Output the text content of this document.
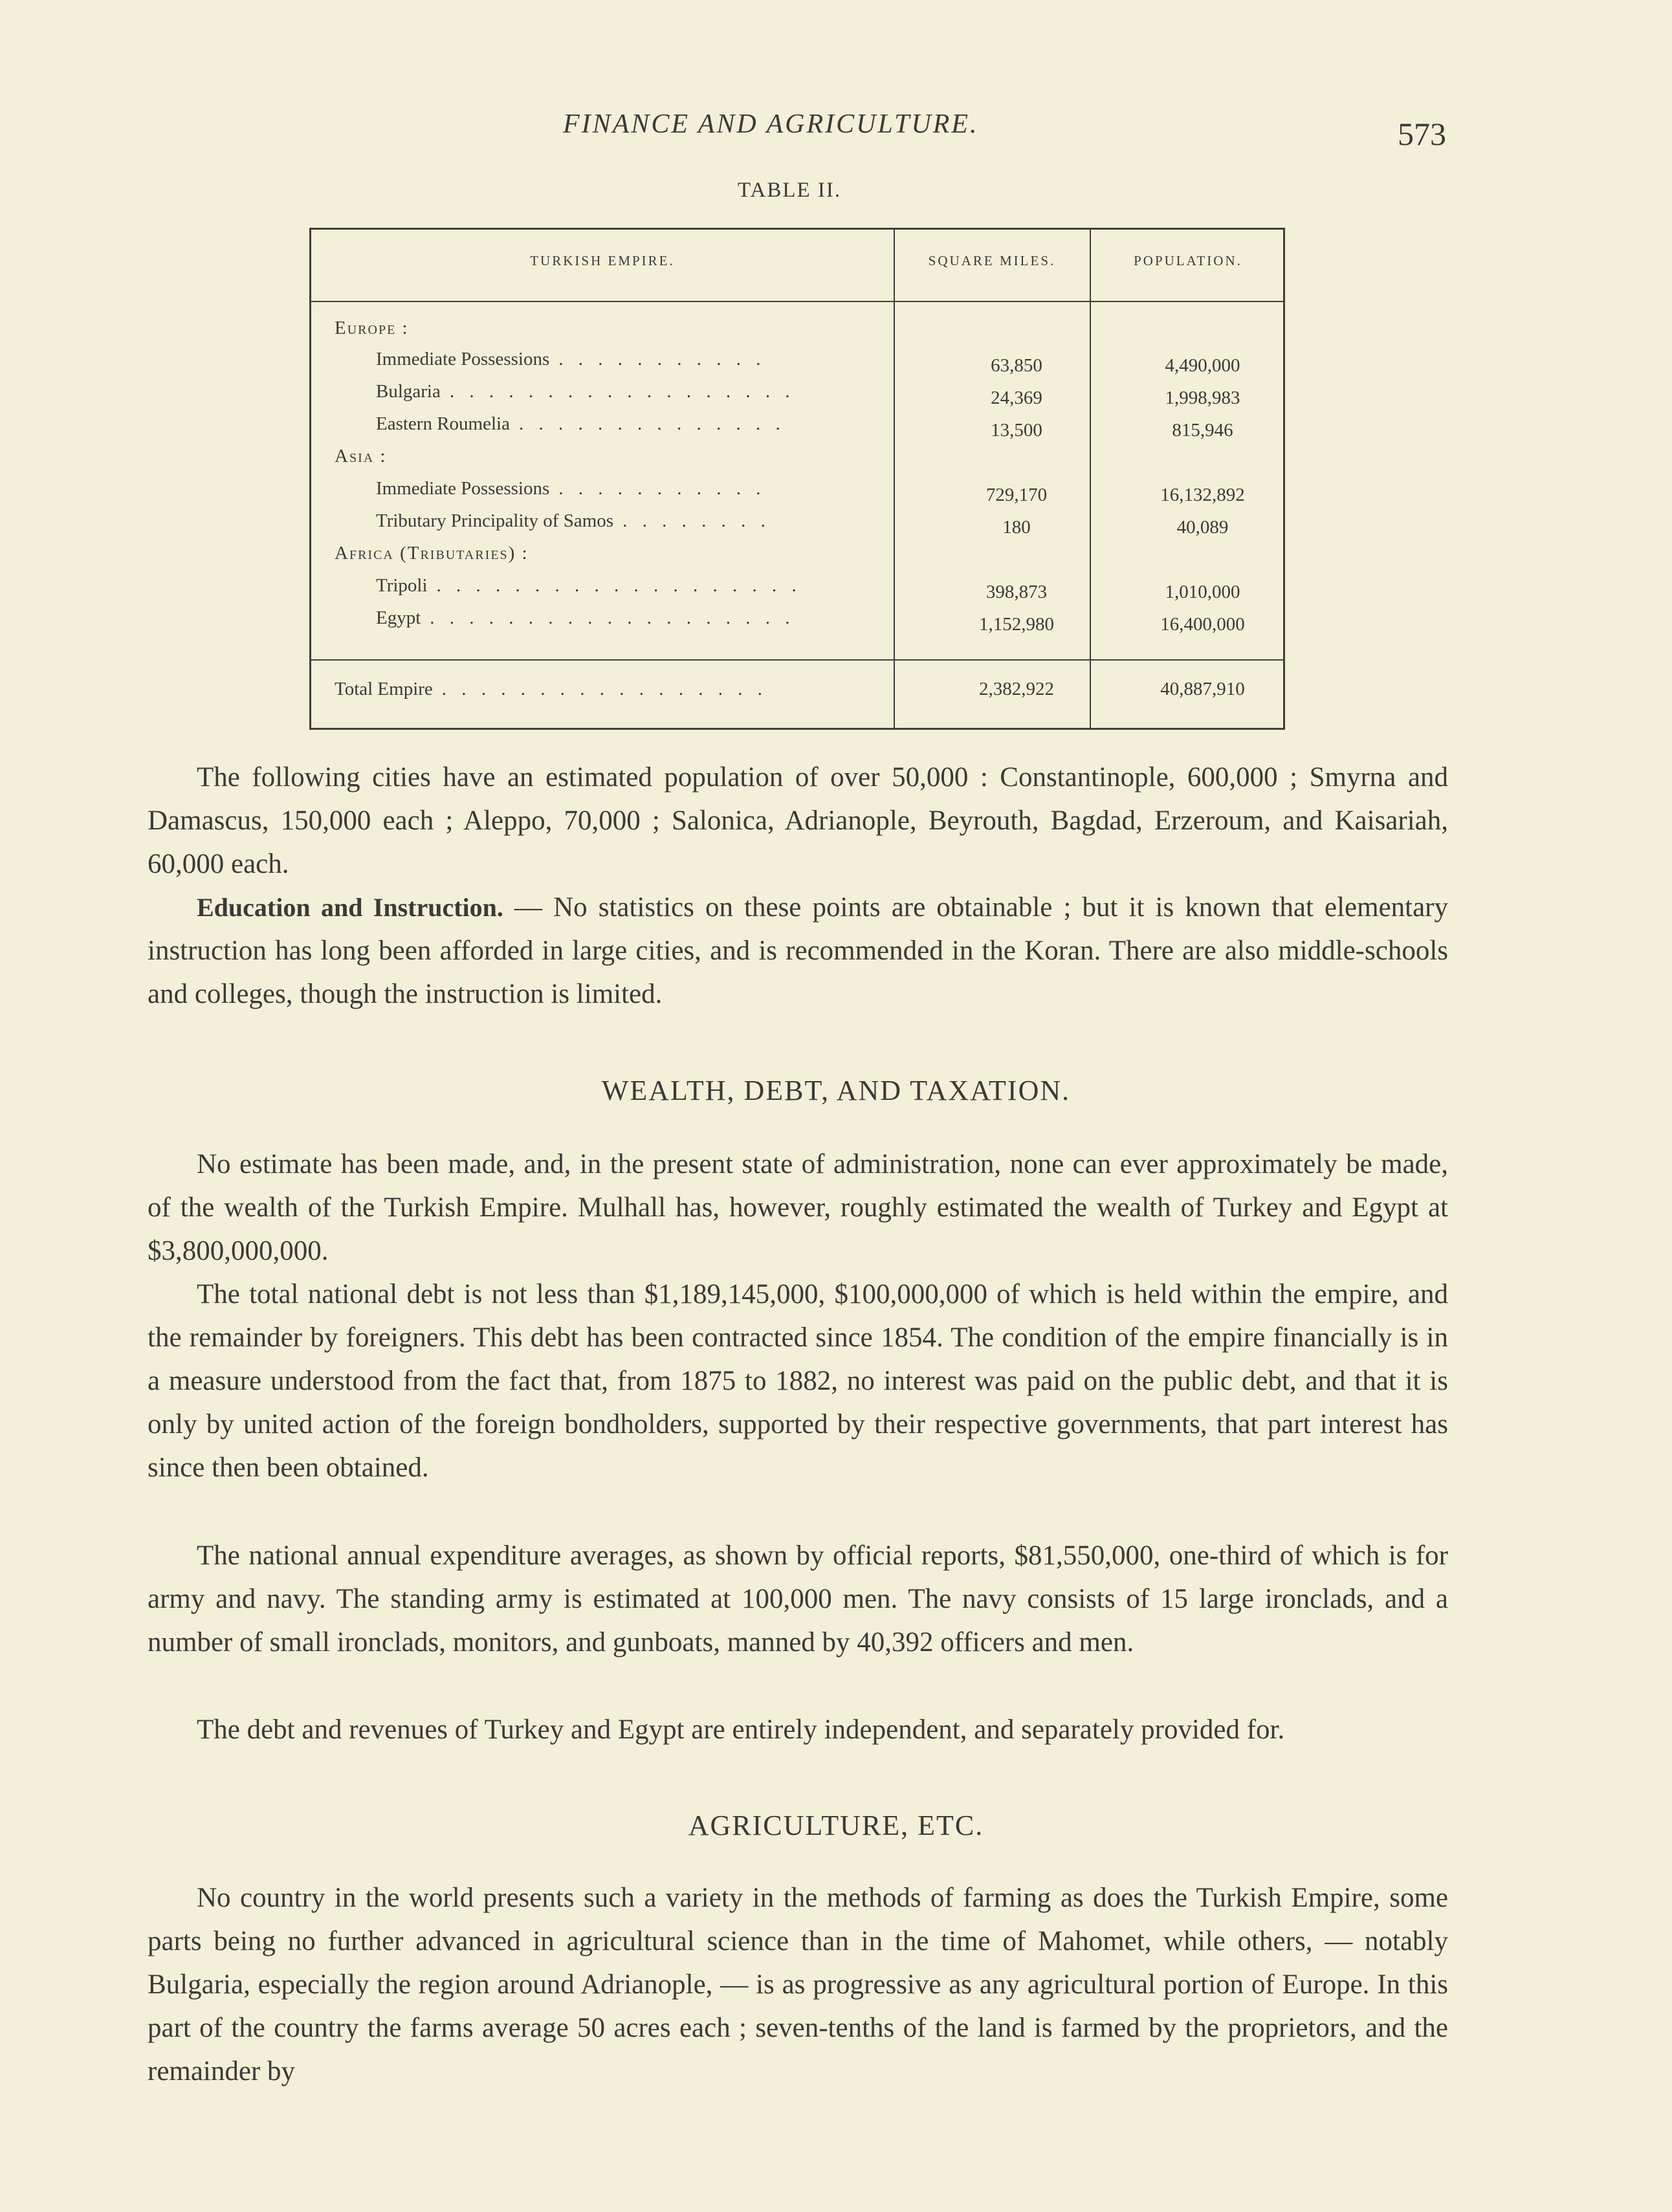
FINANCE AND AGRICULTURE.	573
TABLE II.
TURKISH EMPIRE.	SQUARE MILES.	POPULATION.
Europe :
Immediate Possessions . . . . . . . . . . .	63,850	4,490,000
Bulgaria . . . . . . . . . . . . . . . . . .	24,369	1,998,983
Eastern Roumelia . . . . . . . . . . . . . .	13,500	815,946
Asia :
Immediate Possessions . . . . . . . . . . .	729,170	16,132,892
Tributary Principality of Samos . . . . . . . .	180	40,089
Africa (Tributaries) :
Tripoli . . . . . . . . . . . . . . . . . . .	398,873	1,010,000
Egypt . . . . . . . . . . . . . . . . . . .	1,152,980	16,400,000
Total Empire . . . . . . . . . . . . . . . . .	2,382,922	40,887,910
The following cities have an estimated population of over 50,000 : Constantinople, 600,000 ; Smyrna and Damascus, 150,000 each ; Aleppo, 70,000 ; Salonica, Adrianople, Beyrouth, Bagdad, Erzeroum, and Kaisariah, 60,000 each.
Education and Instruction. — No statistics on these points are obtainable ; but it is known that elementary instruction has long been afforded in large cities, and is recommended in the Koran. There are also middle-schools and colleges, though the instruction is limited.
WEALTH, DEBT, AND TAXATION.
No estimate has been made, and, in the present state of administration, none can ever approximately be made, of the wealth of the Turkish Empire. Mulhall has, however, roughly estimated the wealth of Turkey and Egypt at $3,800,000,000.
The total national debt is not less than $1,189,145,000, $100,000,000 of which is held within the empire, and the remainder by foreigners. This debt has been contracted since 1854. The condition of the empire financially is in a measure understood from the fact that, from 1875 to 1882, no interest was paid on the public debt, and that it is only by united action of the foreign bondholders, supported by their respective governments, that part interest has since then been obtained.
The national annual expenditure averages, as shown by official reports, $81,550,000, one-third of which is for army and navy. The standing army is estimated at 100,000 men. The navy consists of 15 large ironclads, and a number of small ironclads, monitors, and gunboats, manned by 40,392 officers and men.
The debt and revenues of Turkey and Egypt are entirely independent, and separately provided for.
AGRICULTURE, ETC.
No country in the world presents such a variety in the methods of farming as does the Turkish Empire, some parts being no further advanced in agricultural science than in the time of Mahomet, while others, — notably Bulgaria, especially the region around Adrianople, — is as progressive as any agricultural portion of Europe. In this part of the country the farms average 50 acres each ; seven-tenths of the land is farmed by the proprietors, and the remainder by
